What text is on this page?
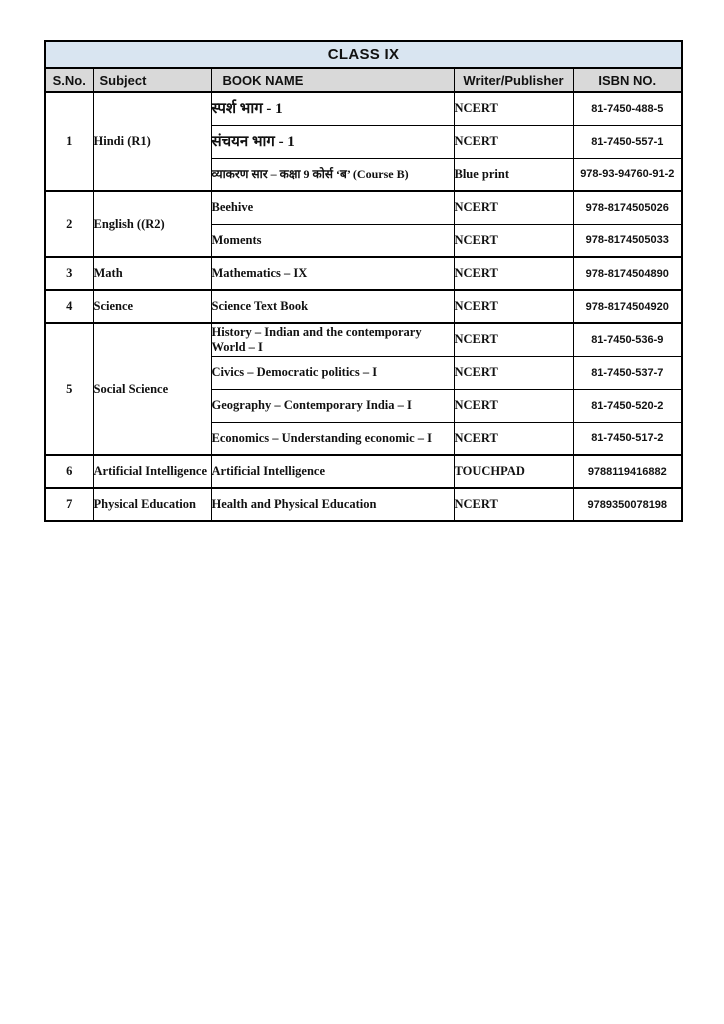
CLASS IX				
S.No.	Subject	BOOK NAME	Writer/Publisher	ISBN NO.
1	Hindi (R1)	स्पर्श भाग - 1	NCERT	81-7450-488-5
		संचयन भाग - 1	NCERT	81-7450-557-1
		व्याकरण सार – कक्षा 9 कोर्स ‘ब’ (Course B)	Blue print	978-93-94760-91-2
2	English ((R2)	Beehive	NCERT	978-8174505026
		Moments	NCERT	978-8174505033
3	Math	Mathematics – IX	NCERT	978-8174504890
4	Science	Science Text Book	NCERT	978-8174504920
5	Social Science	History – Indian and the contemporary World – I	NCERT	81-7450-536-9
		Civics – Democratic politics – I	NCERT	81-7450-537-7
		Geography – Contemporary India – I	NCERT	81-7450-520-2
		Economics – Understanding economic – I	NCERT	81-7450-517-2
6	Artificial Intelligence	Artificial Intelligence	TOUCHPAD	9788119416882
7	Physical Education	Health and Physical Education	NCERT	9789350078198
